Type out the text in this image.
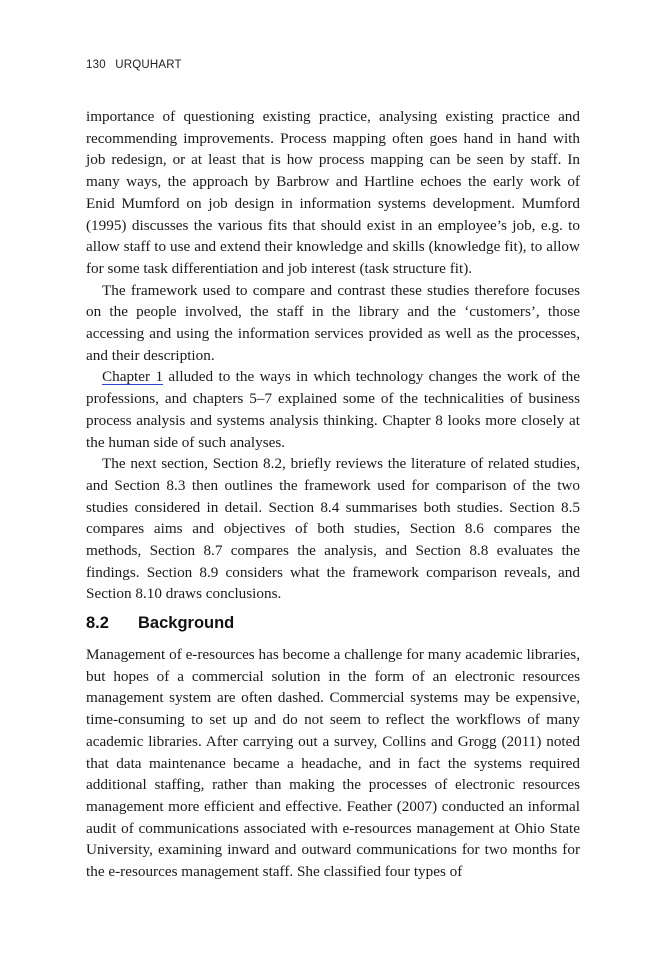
130 URQUHART

importance of questioning existing practice, analysing existing practice and recommending improvements. Process mapping often goes hand in hand with job redesign, or at least that is how process mapping can be seen by staff. In many ways, the approach by Barbrow and Hartline echoes the early work of Enid Mumford on job design in information systems development. Mumford (1995) discusses the various fits that should exist in an employee’s job, e.g. to allow staff to use and extend their knowledge and skills (knowledge fit), to allow for some task differentiation and job interest (task structure fit).

The framework used to compare and contrast these studies therefore focuses on the people involved, the staff in the library and the ‘customers’, those accessing and using the information services provided as well as the processes, and their description.

Chapter 1 alluded to the ways in which technology changes the work of the professions, and chapters 5–7 explained some of the technicalities of business process analysis and systems analysis thinking. Chapter 8 looks more closely at the human side of such analyses.

The next section, Section 8.2, briefly reviews the literature of related studies, and Section 8.3 then outlines the framework used for comparison of the two studies considered in detail. Section 8.4 summarises both studies. Section 8.5 compares aims and objectives of both studies, Section 8.6 compares the methods, Section 8.7 compares the analysis, and Section 8.8 evaluates the findings. Section 8.9 considers what the framework comparison reveals, and Section 8.10 draws conclusions.

8.2 Background

Management of e-resources has become a challenge for many academic libraries, but hopes of a commercial solution in the form of an electronic resources management system are often dashed. Commercial systems may be expensive, time-consuming to set up and do not seem to reflect the workflows of many academic libraries. After carrying out a survey, Collins and Grogg (2011) noted that data maintenance became a headache, and in fact the systems required additional staffing, rather than making the processes of electronic resources management more efficient and effective. Feather (2007) conducted an informal audit of communications associated with e-resources management at Ohio State University, examining inward and outward communications for two months for the e-resources management staff. She classified four types of
